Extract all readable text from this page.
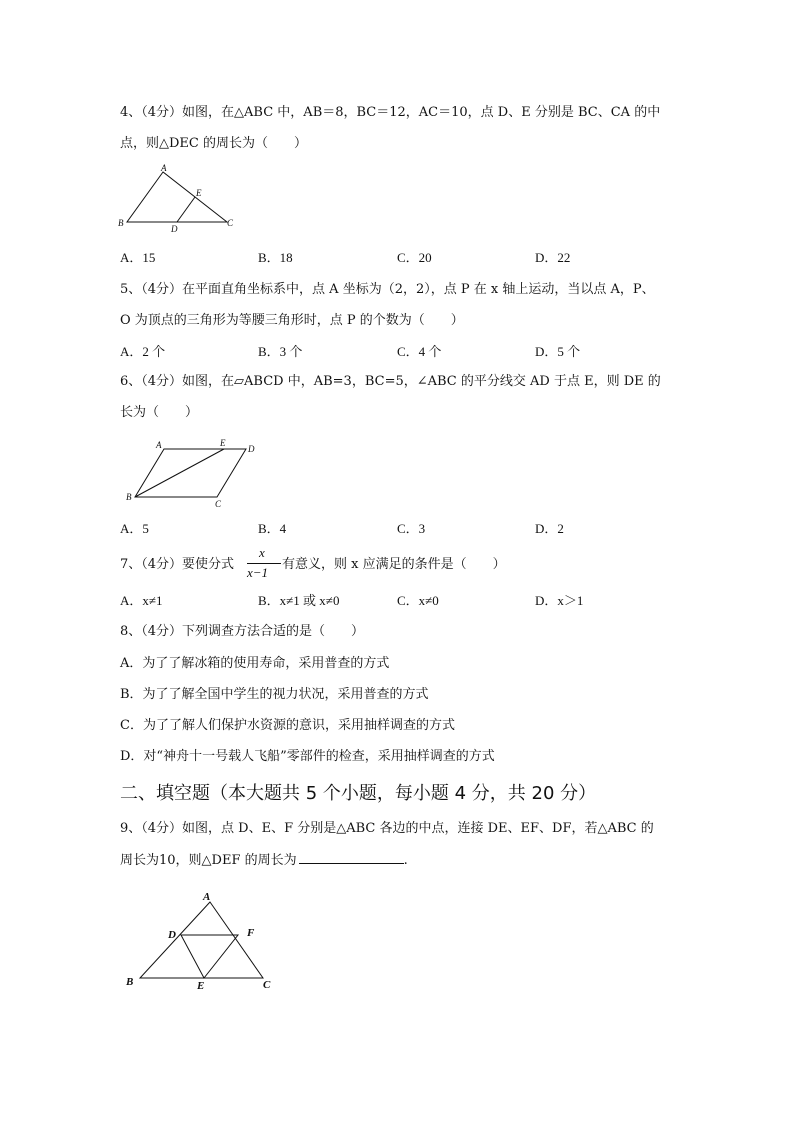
4、（4分）如图，在△ABC 中，AB＝8，BC＝12，AC＝10，点 D、E 分别是 BC、CA 的中
点，则△DEC 的周长为（　　）
A
B	C
D
E
A．15	B．18	C．20	D．22
5、（4分）在平面直角坐标系中，点 A 坐标为（2，2），点 P 在 x 轴上运动，当以点 A，P、
O 为顶点的三角形为等腰三角形时，点 P 的个数为（　　）
A．2 个	B．3 个	C．4 个	D．5 个
6、（4分）如图，在▱ABCD 中，AB=3，BC=5，∠ABC 的平分线交 AD 于点 E，则 DE 的
长为（　　）
A	E
D
B
C
A．5	B．4	C．3	D．2
7、（4分）要使分式
x
x−1
有意义，则 x 应满足的条件是（　　）
A．x≠1	B．x≠1 或 x≠0	C．x≠0	D．x＞1
8、（4分）下列调查方法合适的是（　　）
A．为了了解冰箱的使用寿命，采用普查的方式
B．为了了解全国中学生的视力状况，采用普查的方式
C．为了了解人们保护水资源的意识，采用抽样调查的方式
D．对“神舟十一号载人飞船”零部件的检查，采用抽样调查的方式
二、填空题（本大题共 5 个小题，每小题 4 分，共 20 分）
9、（4分）如图，点 D、E、F 分别是△ABC 各边的中点，连接 DE、EF、DF，若△ABC 的
周长为10，则△DEF 的周长为	.
A
B	C
D
E
F
